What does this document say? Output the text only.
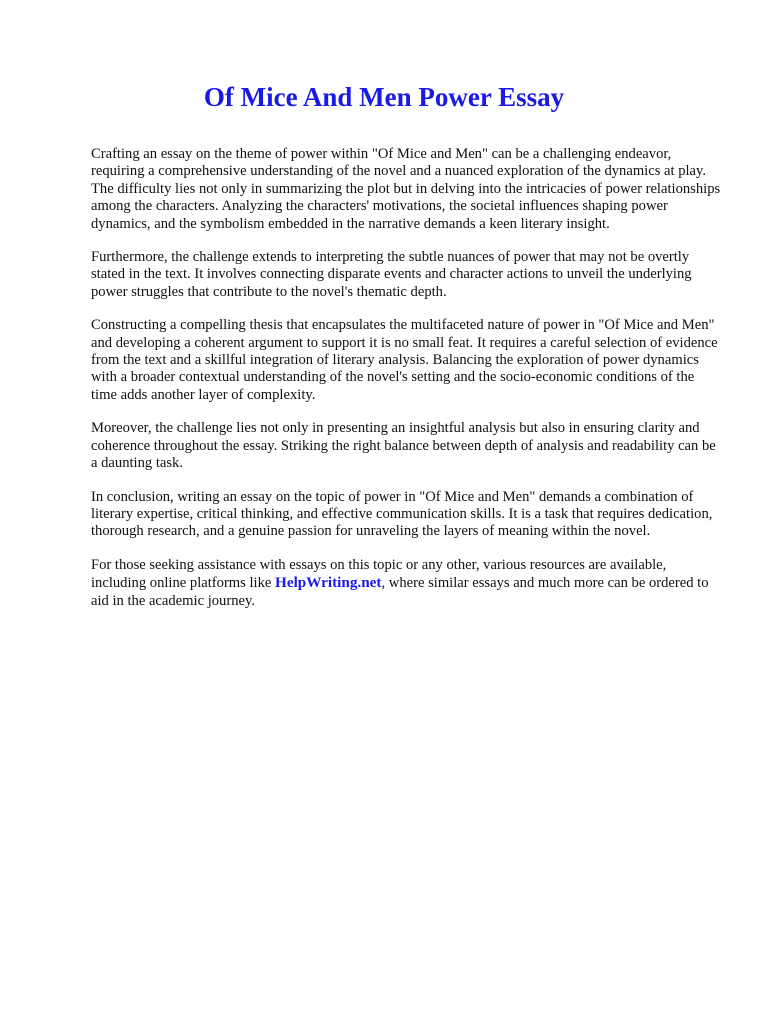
Of Mice And Men Power Essay

Crafting an essay on the theme of power within "Of Mice and Men" can be a challenging endeavor, requiring a comprehensive understanding of the novel and a nuanced exploration of the dynamics at play. The difficulty lies not only in summarizing the plot but in delving into the intricacies of power relationships among the characters. Analyzing the characters' motivations, the societal influences shaping power dynamics, and the symbolism embedded in the narrative demands a keen literary insight.

Furthermore, the challenge extends to interpreting the subtle nuances of power that may not be overtly stated in the text. It involves connecting disparate events and character actions to unveil the underlying power struggles that contribute to the novel's thematic depth.

Constructing a compelling thesis that encapsulates the multifaceted nature of power in "Of Mice and Men" and developing a coherent argument to support it is no small feat. It requires a careful selection of evidence from the text and a skillful integration of literary analysis. Balancing the exploration of power dynamics with a broader contextual understanding of the novel's setting and the socio-economic conditions of the time adds another layer of complexity.

Moreover, the challenge lies not only in presenting an insightful analysis but also in ensuring clarity and coherence throughout the essay. Striking the right balance between depth of analysis and readability can be a daunting task.

In conclusion, writing an essay on the topic of power in "Of Mice and Men" demands a combination of literary expertise, critical thinking, and effective communication skills. It is a task that requires dedication, thorough research, and a genuine passion for unraveling the layers of meaning within the novel.

For those seeking assistance with essays on this topic or any other, various resources are available, including online platforms like HelpWriting.net, where similar essays and much more can be ordered to aid in the academic journey.
